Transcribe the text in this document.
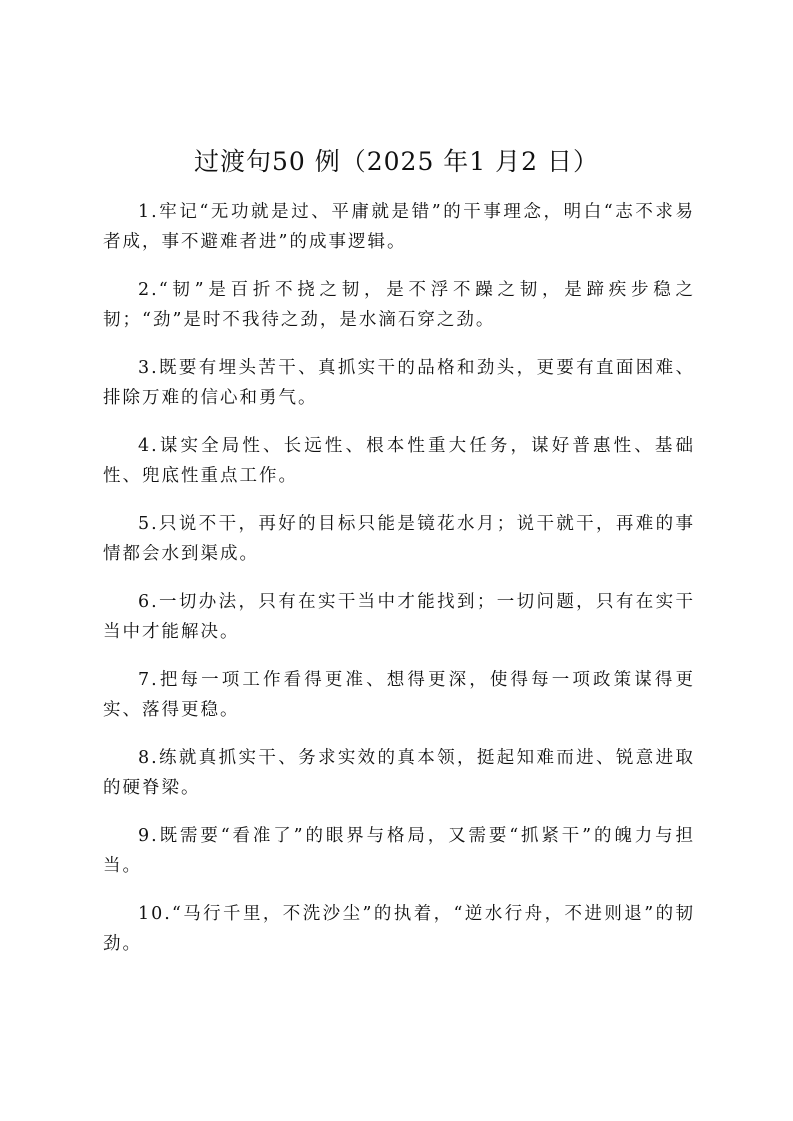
过渡句50 例（2025 年1 月2 日）

1.牢记“无功就是过、平庸就是错”的干事理念，明白“志不求易者成，事不避难者进”的成事逻辑。

2.“韧”是百折不挠之韧，是不浮不躁之韧，是蹄疾步稳之韧；“劲”是时不我待之劲，是水滴石穿之劲。

3.既要有埋头苦干、真抓实干的品格和劲头，更要有直面困难、排除万难的信心和勇气。

4.谋实全局性、长远性、根本性重大任务，谋好普惠性、基础性、兜底性重点工作。

5.只说不干，再好的目标只能是镜花水月；说干就干，再难的事情都会水到渠成。

6.一切办法，只有在实干当中才能找到；一切问题，只有在实干当中才能解决。

7.把每一项工作看得更准、想得更深，使得每一项政策谋得更实、落得更稳。

8.练就真抓实干、务求实效的真本领，挺起知难而进、锐意进取的硬脊梁。

9.既需要“看准了”的眼界与格局，又需要“抓紧干”的魄力与担当。

10.“马行千里，不洗沙尘”的执着，“逆水行舟，不进则退”的韧劲。
